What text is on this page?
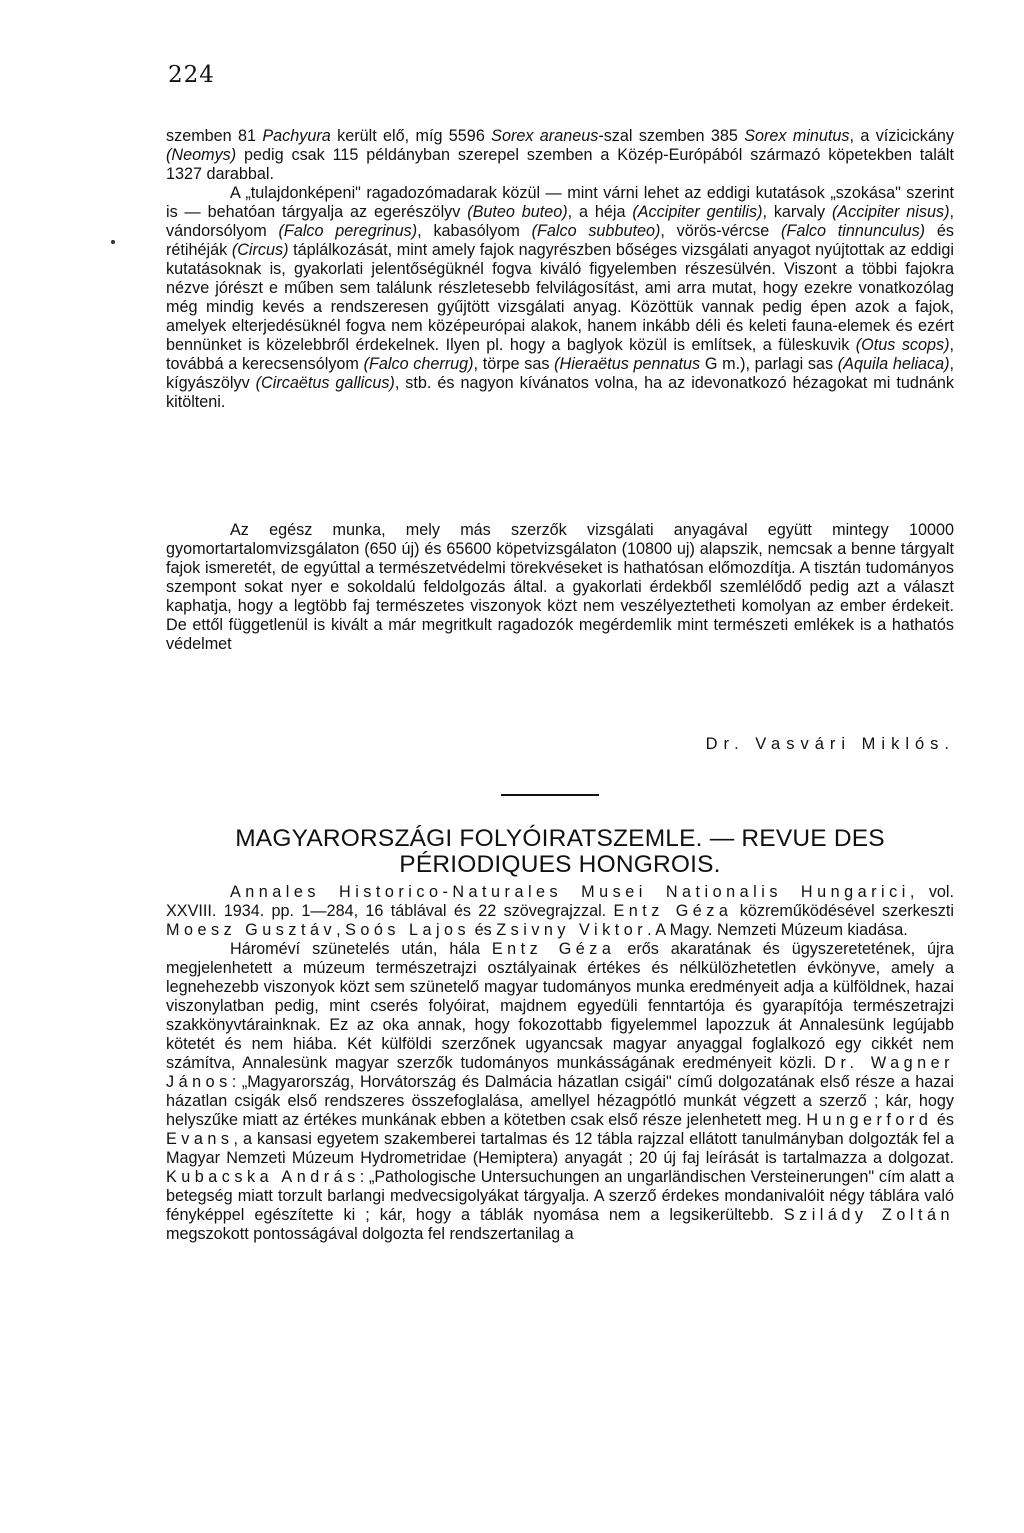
224

szemben 81 Pachyura került elő, míg 5596 Sorex araneus-szal szemben 385 Sorex minutus, a vízicickány (Neomys) pedig csak 115 példányban szerepel szemben a Közép-Európából származó köpetekben talált 1327 darabbal.

A „tulajdonképeni" ragadozómadarak közül — mint várni lehet az eddigi kutatások „szokása" szerint is — behatóan tárgyalja az egerészölyv (Buteo buteo), a héja (Accipiter gentilis), karvaly (Accipiter nisus), vándorsólyom (Falco peregrinus), kabasólyom (Falco subbuteo), vörös-vércse (Falco tinnunculus) és rétihéják (Circus) táplálkozását, mint amely fajok nagyrészben bőséges vizsgálati anyagot nyújtottak az eddigi kutatásoknak is, gyakorlati jelentőségüknél fogva kiváló figyelemben részesülvén. Viszont a többi fajokra nézve jórészt e műben sem találunk részletesebb felvilágosítást, ami arra mutat, hogy ezekre vonatkozólag még mindig kevés a rendszeresen gyűjtött vizsgálati anyag. Közöttük vannak pedig épen azok a fajok, amelyek elterjedésüknél fogva nem középeurópai alakok, hanem inkább déli és keleti fauna-elemek és ezért bennünket is közelebbről érdekelnek. Ilyen pl. hogy a baglyok közül is említsek, a füleskuvik (Otus scops), továbbá a kerecsensólyom (Falco cherrug), törpe sas (Hieraëtus pennatus G m.), parlagi sas (Aquila heliaca), kígyászölyv (Circaëtus gallicus), stb. és nagyon kívánatos volna, ha az idevonatkozó hézagokat mi tudnánk kitölteni.

Az egész munka, mely más szerzők vizsgálati anyagával együtt mintegy 10000 gyomortartalomvizsgálaton (650 új) és 65600 köpetvizsgálaton (10800 uj) alapszik, nemcsak a benne tárgyalt fajok ismeretét, de egyúttal a természetvédelmi törekvéseket is hathatósan előmozdítja. A tisztán tudományos szempont sokat nyer e sokoldalú feldolgozás által. a gyakorlati érdekből szemlélődő pedig azt a választ kaphatja, hogy a legtöbb faj természetes viszonyok közt nem veszélyeztetheti komolyan az ember érdekeit. De ettől függetlenül is kivált a már megritkult ragadozók megérdemlik mint természeti emlékek is a hathatós védelmet

Dr. Vasvári Miklós.
MAGYARORSZÁGI FOLYÓIRATSZEMLE. — REVUE DES PÉRIODIQUES HONGROIS.

Annales Historico-Naturales Musei Nationalis Hungarici, vol. XXVIII. 1934. pp. 1—284, 16 táblával és 22 szövegrajzzal. Entz Géza közreműködésével szerkeszti Moesz Gusztáv, Soós Lajos és Zsivny Viktor. A Magy. Nemzeti Múzeum kiadása.

Hároméví szünetelés után, hála Entz Géza erős akaratának és ügyszeretetének, újra megjelenhetett a múzeum természetrajzi osztályainak értékes és nélkülözhetetlen évkönyve, amely a legnehezebb viszonyok közt sem szünetelő magyar tudományos munka eredményeit adja a külföldnek, hazai viszonylatban pedig, mint cserés folyóirat, majdnem egyedüli fenntartója és gyarapítója természetrajzi szakkönyvtárainknak. Ez az oka annak, hogy fokozottabb figyelemmel lapozzuk át Annalesünk legújabb kötetét és nem hiába. Két külföldi szerzőnek ugyancsak magyar anyaggal foglalkozó egy cikkét nem számítva, Annalesünk magyar szerzők tudományos munkásságának eredményeit közli. Dr. Wagner János: „Magyarország, Horvátország és Dalmácia házatlan csigái" című dolgozatának első része a hazai házatlan csigák első rendszeres összefoglalása, amellyel hézagpótló munkát végzett a szerző ; kár, hogy helyszűke miatt az értékes munkának ebben a kötetben csak első része jelenhetett meg. Hungerford és Evans, a kansasi egyetem szakemberei tartalmas és 12 tábla rajzzal ellátott tanulmányban dolgozták fel a Magyar Nemzeti Múzeum Hydrometridae (Hemiptera) anyagát ; 20 új faj leírását is tartalmazza a dolgozat. Kubacska András: „Pathologische Untersuchungen an ungarländischen Versteinerungen" cím alatt a betegség miatt torzult barlangi medvecsigolyákat tárgyalja. A szerző érdekes mondanivalóit négy táblára való fényképpel egészítette ki ; kár, hogy a táblák nyomása nem a legsikerültebb. Szilády Zoltán megszokott pontosságával dolgozta fel rendszertanilag a
